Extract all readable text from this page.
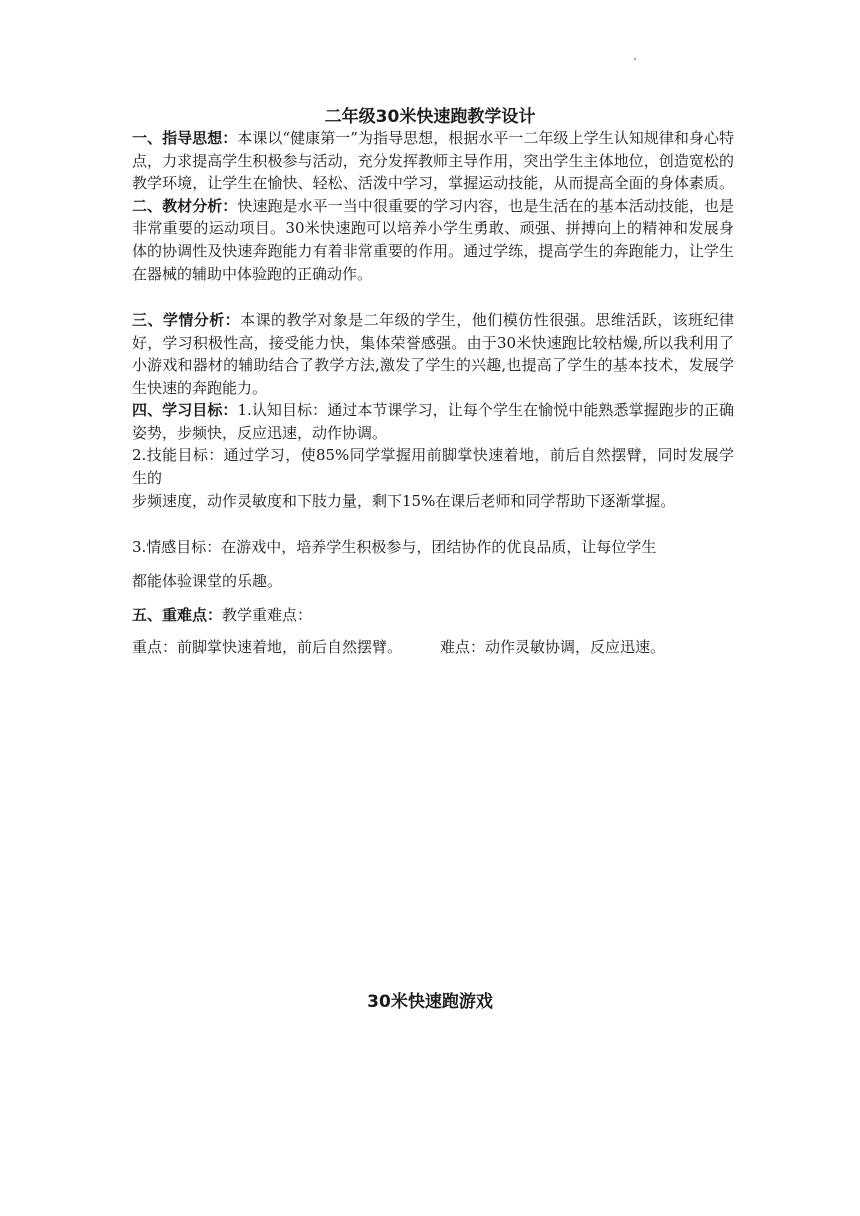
二年级30米快速跑教学设计
一、指导思想：本课以“健康第一”为指导思想，根据水平一二年级上学生认知规律和身心特点，力求提高学生积极参与活动，充分发挥教师主导作用，突出学生主体地位，创造宽松的教学环境，让学生在愉快、轻松、活泼中学习，掌握运动技能，从而提高全面的身体素质。二、教材分析：快速跑是水平一当中很重要的学习内容，也是生活在的基本活动技能，也是非常重要的运动项目。30米快速跑可以培养小学生勇敢、顽强、拼搏向上的精神和发展身体的协调性及快速奔跑能力有着非常重要的作用。通过学练，提高学生的奔跑能力，让学生在器械的辅助中体验跑的正确动作。
三、学情分析：本课的教学对象是二年级的学生，他们模仿性很强。思维活跃，该班纪律好，学习积极性高，接受能力快，集体荣誉感强。由于30米快速跑比较枯燥,所以我利用了小游戏和器材的辅助结合了教学方法,激发了学生的兴趣,也提高了学生的基本技术，发展学生快速的奔跑能力。
四、学习目标：1.认知目标：通过本节课学习，让每个学生在愉悦中能熟悉掌握跑步的正确姿势，步频快，反应迅速，动作协调。
2.技能目标：通过学习，使85%同学掌握用前脚掌快速着地，前后自然摆臂，同时发展学生的
步频速度，动作灵敏度和下肢力量，剩下15%在课后老师和同学帮助下逐渐掌握。
3.情感目标：在游戏中，培养学生积极参与，团结协作的优良品质，让每位学生
都能体验课堂的乐趣。
五、重难点：教学重难点：
重点：前脚掌快速着地，前后自然摆臂。	难点：动作灵敏协调，反应迅速。
30米快速跑游戏
